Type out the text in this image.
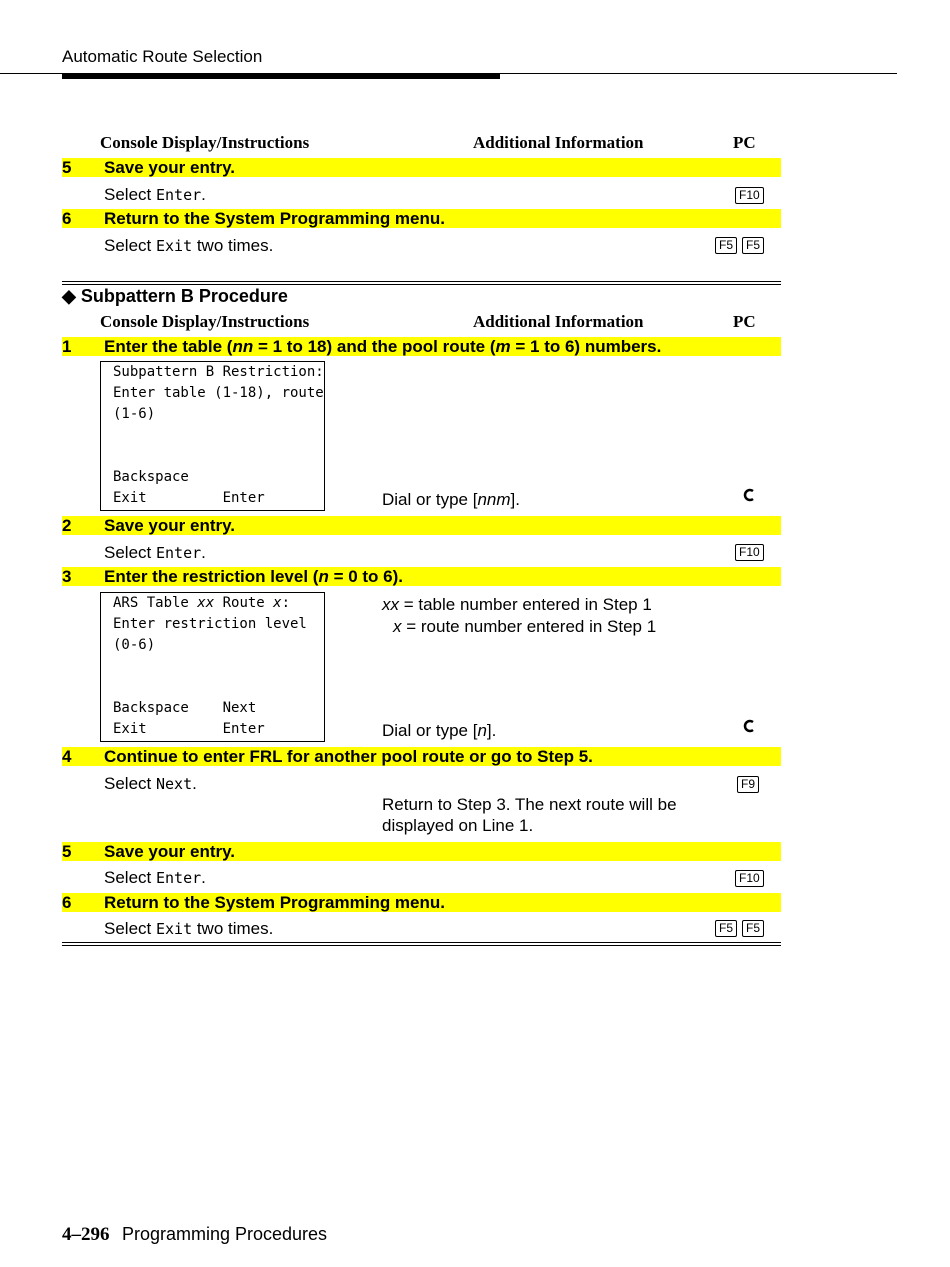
Automatic Route Selection
Console Display/Instructions	Additional Information	PC
5 Save your entry.
Select Enter.	F10
6 Return to the System Programming menu.
Select Exit two times.	F5	F5
◆ Subpattern B Procedure
Console Display/Instructions	Additional Information	PC
1 Enter the table (nn = 1 to 18) and the pool route (m = 1 to 6) numbers.
Subpattern B Restriction:
Enter table (1-18), route
(1-6)
Backspace
Exit         Enter	Dial or type [nnm].
2 Save your entry.
Select Enter.	F10
3 Enter the restriction level (n = 0 to 6).
ARS Table xx Route x:
Enter restriction level
(0-6)
Backspace    Next
Exit         Enter
xx = table number entered in Step 1
x = route number entered in Step 1
Dial or type [n].
4 Continue to enter FRL for another pool route or go to Step 5.
Select Next.	F9
Return to Step 3. The next route will be
displayed on Line 1.
5 Save your entry.
Select Enter.	F10
6 Return to the System Programming menu.
Select Exit two times.	F5	F5
4–296 Programming Procedures
